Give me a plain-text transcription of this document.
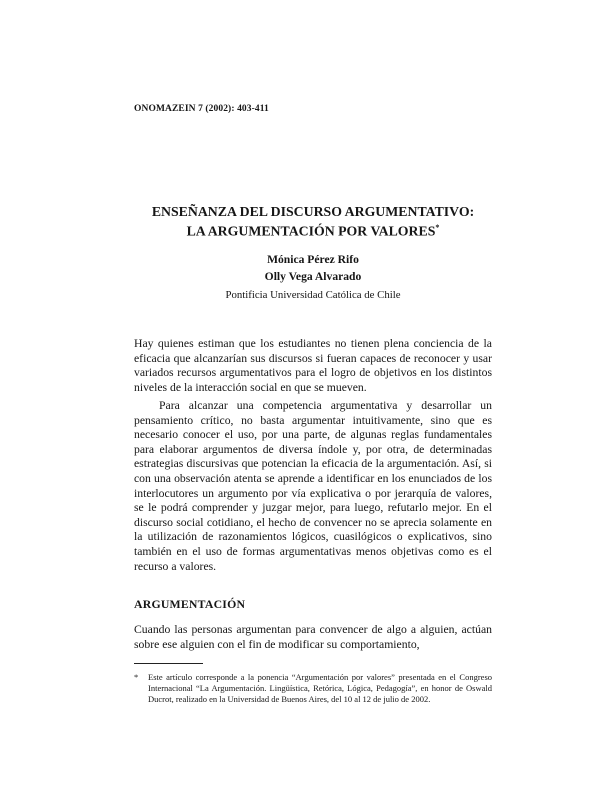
ONOMAZEIN 7 (2002): 403-411
ENSEÑANZA DEL DISCURSO ARGUMENTATIVO:
LA ARGUMENTACIÓN POR VALORES*
Mónica Pérez Rifo
Olly Vega Alvarado
Pontificia Universidad Católica de Chile

Hay quienes estiman que los estudiantes no tienen plena conciencia de la eficacia que alcanzarían sus discursos si fueran capaces de reconocer y usar variados recursos argumentativos para el logro de objetivos en los distintos niveles de la interacción social en que se mueven.

Para alcanzar una competencia argumentativa y desarrollar un pensamiento crítico, no basta argumentar intuitivamente, sino que es necesario conocer el uso, por una parte, de algunas reglas fundamentales para elaborar argumentos de diversa índole y, por otra, de determinadas estrategias discursivas que potencian la eficacia de la argumentación. Así, si con una observación atenta se aprende a identificar en los enunciados de los interlocutores un argumento por vía explicativa o por jerarquía de valores, se le podrá comprender y juzgar mejor, para luego, refutarlo mejor. En el discurso social cotidiano, el hecho de convencer no se aprecia solamente en la utilización de razonamientos lógicos, cuasilógicos o explicativos, sino también en el uso de formas argumentativas menos objetivas como es el recurso a valores.

ARGUMENTACIÓN

Cuando las personas argumentan para convencer de algo a alguien, actúan sobre ese alguien con el fin de modificar su comportamiento,

*	Este artículo corresponde a la ponencia “Argumentación por valores” presentada en el Congreso Internacional “La Argumentación. Lingüística, Retórica, Lógica, Pedagogía”, en honor de Oswald Ducrot, realizado en la Universidad de Buenos Aires, del 10 al 12 de julio de 2002.
